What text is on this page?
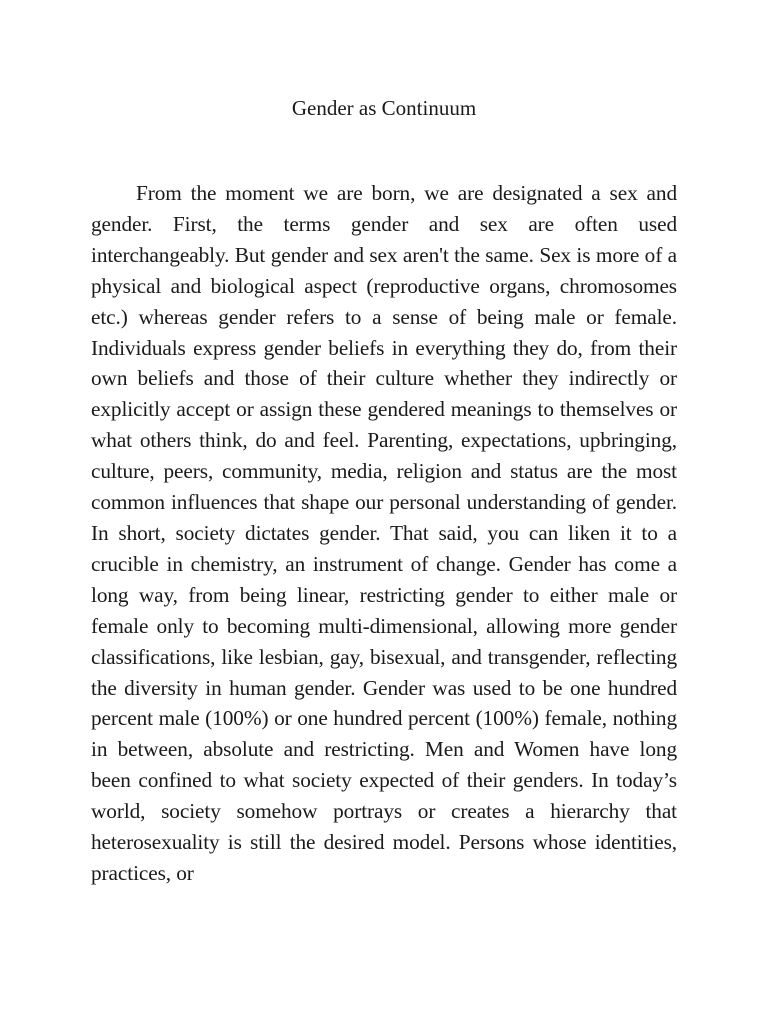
Gender as Continuum

From the moment we are born, we are designated a sex and gender. First, the terms gender and sex are often used interchangeably. But gender and sex aren't the same. Sex is more of a physical and biological aspect (reproductive organs, chromosomes etc.) whereas gender refers to a sense of being male or female. Individuals express gender beliefs in everything they do, from their own beliefs and those of their culture whether they indirectly or explicitly accept or assign these gendered meanings to themselves or what others think, do and feel. Parenting, expectations, upbringing, culture, peers, community, media, religion and status are the most common influences that shape our personal understanding of gender. In short, society dictates gender. That said, you can liken it to a crucible in chemistry, an instrument of change. Gender has come a long way, from being linear, restricting gender to either male or female only to becoming multi-dimensional, allowing more gender classifications, like lesbian, gay, bisexual, and transgender, reflecting the diversity in human gender. Gender was used to be one hundred percent male (100%) or one hundred percent (100%) female, nothing in between, absolute and restricting. Men and Women have long been confined to what society expected of their genders. In today’s world, society somehow portrays or creates a hierarchy that heterosexuality is still the desired model. Persons whose identities, practices, or
